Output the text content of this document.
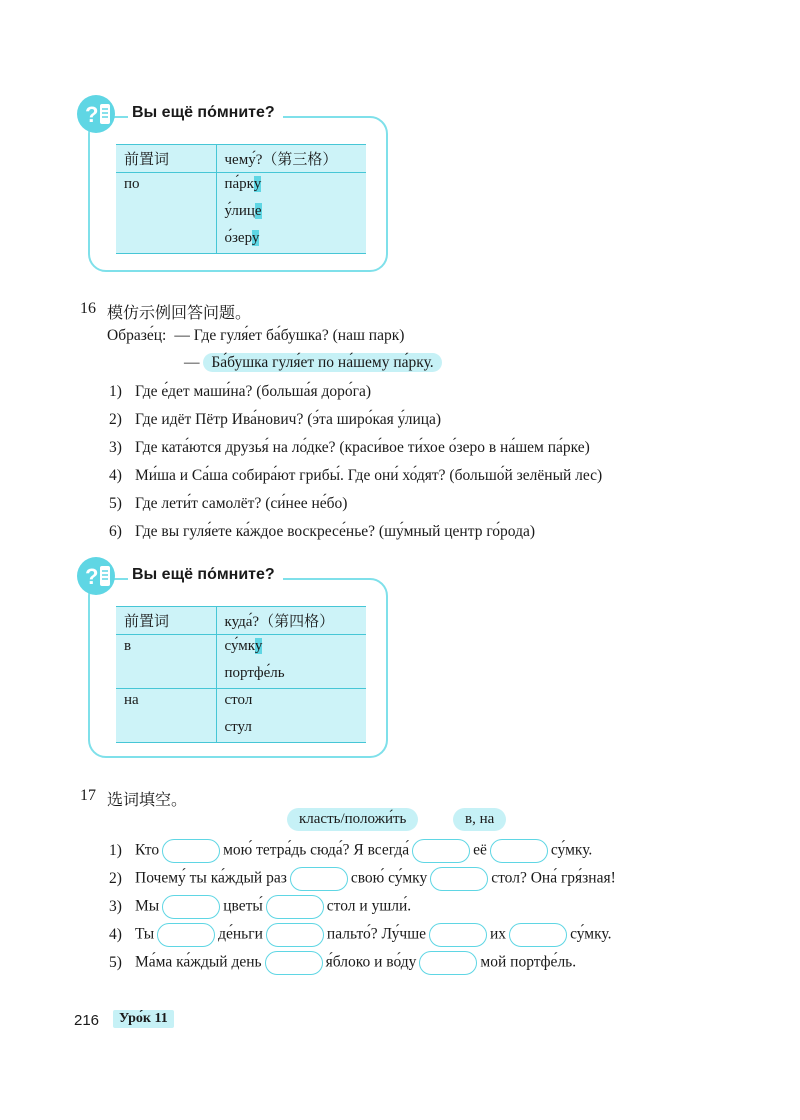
Вы ещё по́мните?
前置词	чему́?（第三格）
по	па́рку
	у́лице
	о́зеру
?
16 模仿示例回答问题。
Образе́ц: — Где гуля́ет ба́бушка? (наш парк)
— Ба́бушка гуля́ет по на́шему па́рку.
1) Где е́дет маши́на? (больша́я доро́га)
2) Где идёт Пётр Ива́нович? (э́та широ́кая у́лица)
3) Где ката́ются друзья́ на ло́дке? (краси́вое ти́хое о́зеро в на́шем па́рке)
4) Ми́ша и Са́ша собира́ют грибы́. Где они́ хо́дят? (большо́й зелёный лес)
5) Где лети́т самолёт? (си́нее не́бо)
6) Где вы гуля́ете ка́ждое воскресе́нье? (шу́мный центр го́рода)
Вы ещё по́мните?
前置词	куда́?（第四格）
в	су́мку
	портфе́ль
на	стол
	стул
?
17 选词填空。
класть/положи́ть	в, на
1) Кто	мою́ тетра́дь сюда́? Я всегда́	её	су́мку.
2) Почему́ ты ка́ждый раз	свою́ су́мку	стол? Она́ гря́зная!
3) Мы	цветы́	стол и ушли́.
4) Ты	де́ньги	пальто́? Лу́чше	их	су́мку.
5) Ма́ма ка́ждый день	я́блоко и во́ду	мой портфе́ль.
216	Уро́к 11
